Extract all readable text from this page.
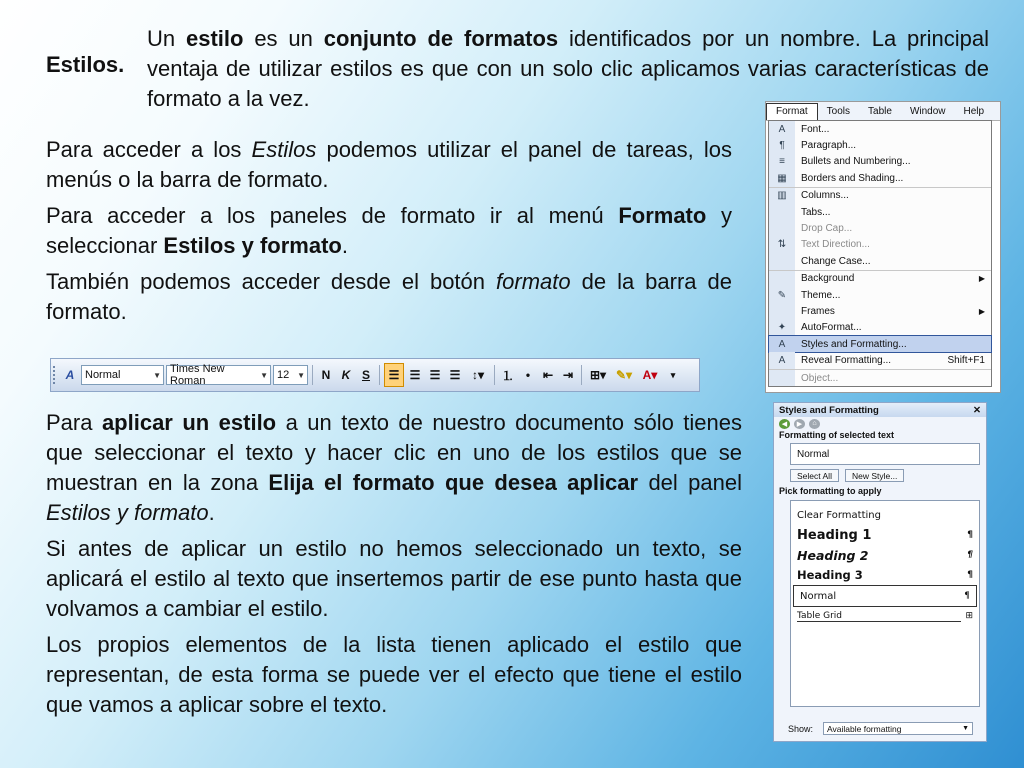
Estilos.
Un estilo es un conjunto de formatos identificados por un nombre. La principal ventaja de utilizar estilos es que con un solo clic aplicamos varias características de formato a la vez.

Para acceder a los Estilos podemos utilizar el panel de tareas, los menús o la barra de formato.

Para acceder a los paneles de formato ir al menú Formato y seleccionar Estilos y formato.

También podemos acceder desde el botón formato de la barra de formato.

Para aplicar un estilo a un texto de nuestro documento sólo tienes que seleccionar el texto y hacer clic en uno de los estilos que se muestran en la zona Elija el formato que desea aplicar del panel Estilos y formato.

Si antes de aplicar un estilo no hemos seleccionado un texto, se aplicará el estilo al texto que insertemos partir de ese punto hasta que volvamos a cambiar el estilo.

Los propios elementos de la lista tienen aplicado el estilo que representan, de esta forma se puede ver el efecto que tiene el estilo que vamos a aplicar sobre el texto.

Format	Tools	Table	Window	Help
A	Font...
¶	Paragraph...
≡	Bullets and Numbering...
▦	Borders and Shading...
▥	Columns...
Tabs...
Drop Cap...
⇅	Text Direction...
Change Case...
Background	▶
✎	Theme...
Frames	▶
✦	AutoFormat...
A	Styles and Formatting...
A	Reveal Formatting...	Shift+F1
Object...
A Normal	▼ Times New Roman	▼ 12 ▼	N K S	☰ ☰ ☰ ☰ ↕▾	⒈ •	⇤ ⇥	⊞▾ ✎▾ A▾	▾
Styles and Formatting	✕
◀	▶	⌂
Formatting of selected text
Normal
Select All	New Style...
Pick formatting to apply
Clear Formatting
Heading 1	¶
Heading 2	¶
Heading 3	¶
Normal	¶
Table Grid	⊞
Show: Available formatting	▼
